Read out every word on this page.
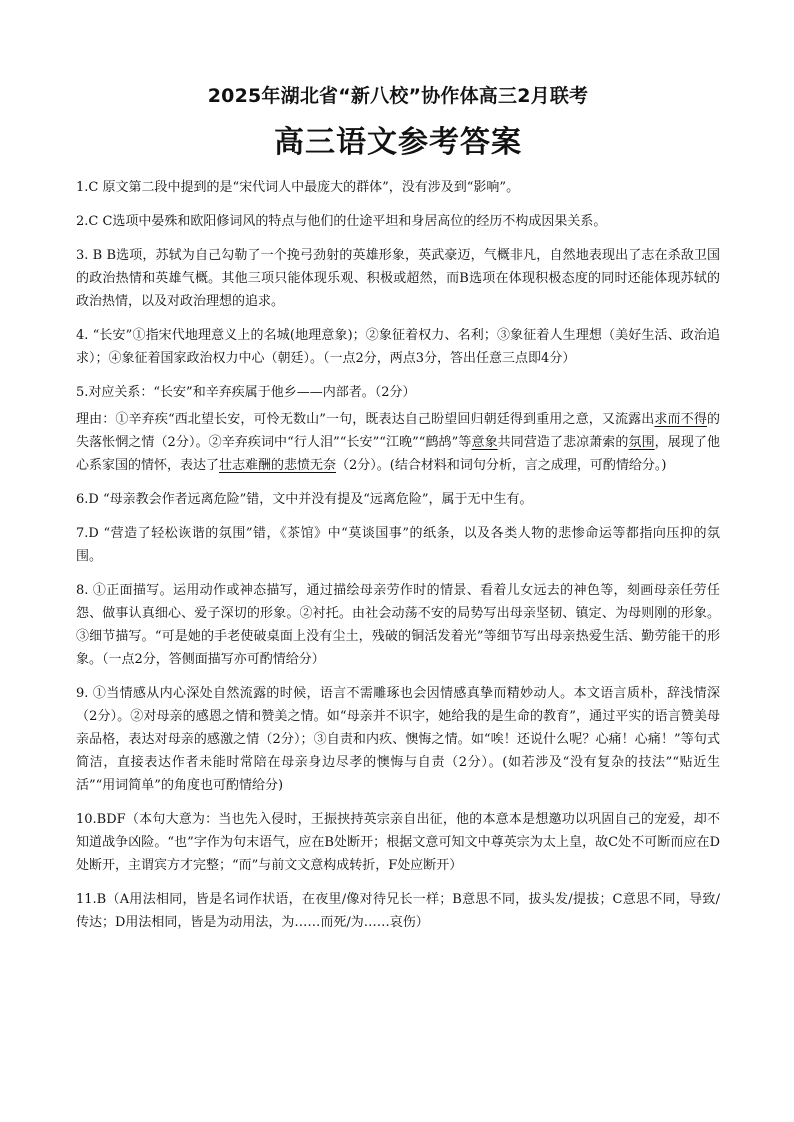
2025年湖北省“新八校”协作体高三2月联考
高三语文参考答案

1.C 原文第二段中提到的是“宋代词人中最庞大的群体”，没有涉及到“影响”。

2.C C选项中晏殊和欧阳修词风的特点与他们的仕途平坦和身居高位的经历不构成因果关系。

3. B B选项，苏轼为自己勾勒了一个挽弓劲射的英雄形象，英武豪迈，气概非凡，自然地表现出了志在杀敌卫国的政治热情和英雄气概。其他三项只能体现乐观、积极或超然，而B选项在体现积极态度的同时还能体现苏轼的政治热情，以及对政治理想的追求。

4. “长安”①指宋代地理意义上的名城(地理意象)；②象征着权力、名利；③象征着人生理想（美好生活、政治追求）；④象征着国家政治权力中心（朝廷）。（一点2分，两点3分，答出任意三点即4分）

5.对应关系：“长安”和辛弃疾属于他乡——内部者。（2分）

理由：①辛弃疾“西北望长安，可怜无数山”一句，既表达自己盼望回归朝廷得到重用之意，又流露出求而不得的失落怅惘之情（2分）。②辛弃疾词中“行人泪”“长安”“江晚”“鹧鸪”等意象共同营造了悲凉萧索的氛围，展现了他心系家国的情怀，表达了壮志难酬的悲愤无奈（2分）。(结合材料和词句分析，言之成理，可酌情给分。)

6.D “母亲教会作者远离危险”错，文中并没有提及“远离危险”，属于无中生有。

7.D “营造了轻松诙谐的氛围”错，《茶馆》中“莫谈国事”的纸条，以及各类人物的悲惨命运等都指向压抑的氛围。

8. ①正面描写。运用动作或神态描写，通过描绘母亲劳作时的情景、看着儿女远去的神色等，刻画母亲任劳任怨、做事认真细心、爱子深切的形象。②衬托。由社会动荡不安的局势写出母亲坚韧、镇定、为母则刚的形象。③细节描写。“可是她的手老使破桌面上没有尘土，残破的铜活发着光”等细节写出母亲热爱生活、勤劳能干的形象。（一点2分，答侧面描写亦可酌情给分）

9. ①当情感从内心深处自然流露的时候，语言不需雕琢也会因情感真挚而精妙动人。本文语言质朴，辞浅情深（2分）。②对母亲的感恩之情和赞美之情。如“母亲并不识字，她给我的是生命的教育”，通过平实的语言赞美母亲品格，表达对母亲的感激之情（2分）；③自责和内疚、懊悔之情。如“唉！还说什么呢？心痛！心痛！”等句式简洁，直接表达作者未能时常陪在母亲身边尽孝的懊悔与自责（2分）。(如若涉及“没有复杂的技法”“贴近生活”“用词简单”的角度也可酌情给分)

10.BDF（本句大意为：当也先入侵时，王振挟持英宗亲自出征，他的本意本是想邀功以巩固自己的宠爱，却不知道战争凶险。“也”字作为句末语气，应在B处断开；根据文意可知文中尊英宗为太上皇，故C处不可断而应在D处断开，主谓宾方才完整；“而”与前文文意构成转折，F处应断开）

11.B（A用法相同，皆是名词作状语，在夜里/像对待兄长一样；B意思不同，拔头发/提拔；C意思不同，导致/传达；D用法相同，皆是为动用法，为……而死/为……哀伤）
